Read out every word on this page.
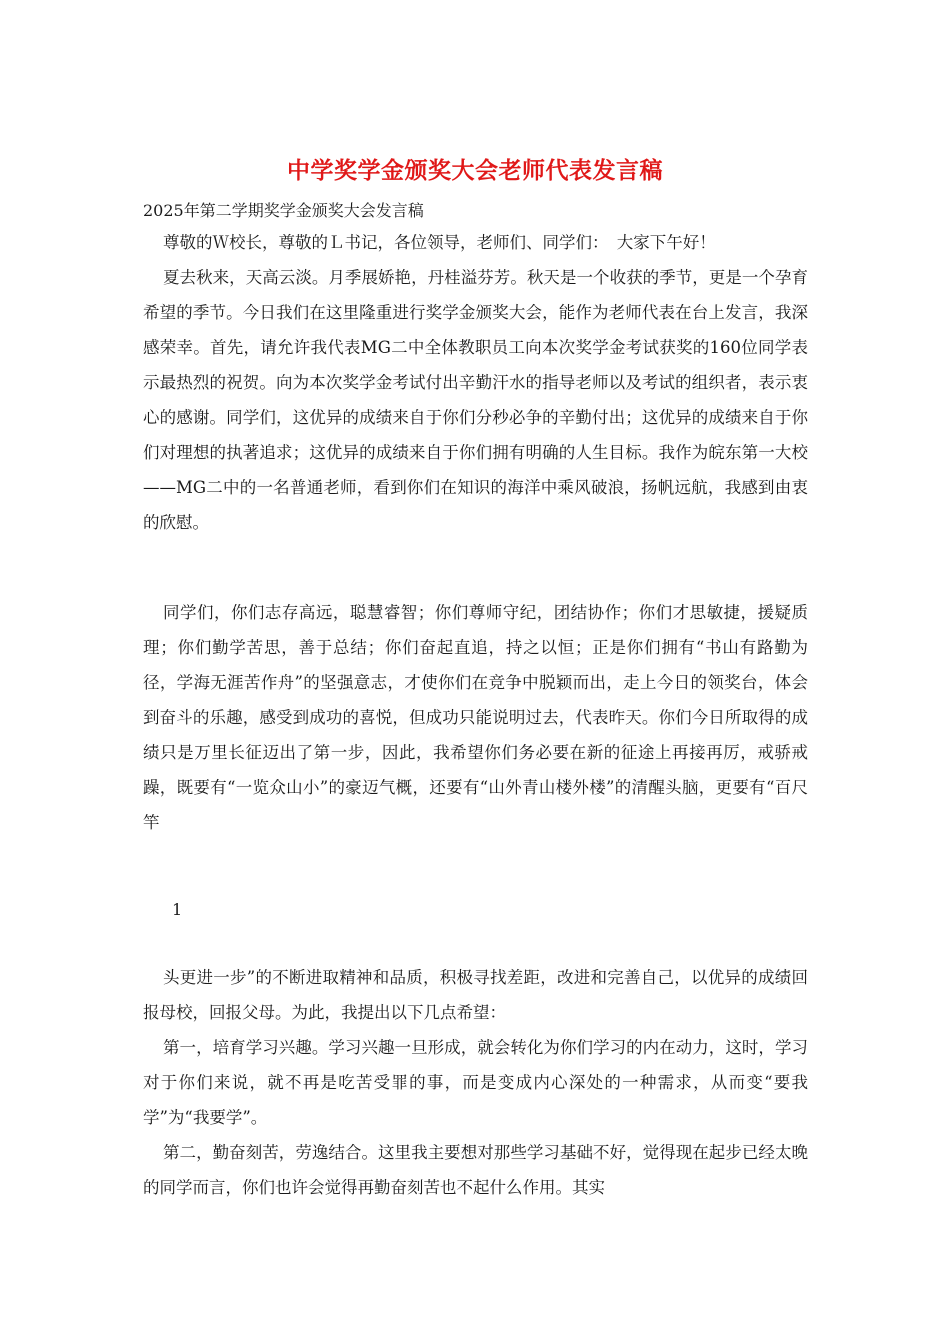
中学奖学金颁奖大会老师代表发言稿
2025年第二学期奖学金颁奖大会发言稿
尊敬的Ｗ校长，尊敬的Ｌ书记，各位领导，老师们、同学们：　大家下午好！

夏去秋来，天高云淡。月季展娇艳，丹桂溢芬芳。秋天是一个收获的季节，更是一个孕育希望的季节。今日我们在这里隆重进行奖学金颁奖大会，能作为老师代表在台上发言，我深感荣幸。首先，请允许我代表MG二中全体教职员工向本次奖学金考试获奖的160位同学表示最热烈的祝贺。向为本次奖学金考试付出辛勤汗水的指导老师以及考试的组织者，表示衷心的感谢。同学们，这优异的成绩来自于你们分秒必争的辛勤付出；这优异的成绩来自于你们对理想的执著追求；这优异的成绩来自于你们拥有明确的人生目标。我作为皖东第一大校——MG二中的一名普通老师，看到你们在知识的海洋中乘风破浪，扬帆远航，我感到由衷的欣慰。

同学们，你们志存高远，聪慧睿智；你们尊师守纪，团结协作；你们才思敏捷，援疑质理；你们勤学苦思，善于总结；你们奋起直追，持之以恒；正是你们拥有“书山有路勤为径，学海无涯苦作舟”的坚强意志，才使你们在竞争中脱颖而出，走上今日的领奖台，体会到奋斗的乐趣，感受到成功的喜悦，但成功只能说明过去，代表昨天。你们今日所取得的成绩只是万里长征迈出了第一步，因此，我希望你们务必要在新的征途上再接再厉，戒骄戒躁，既要有“一览众山小”的豪迈气概，还要有“山外青山楼外楼”的清醒头脑，更要有“百尺竿

1

头更进一步”的不断进取精神和品质，积极寻找差距，改进和完善自己，以优异的成绩回报母校，回报父母。为此，我提出以下几点希望：

第一，培育学习兴趣。学习兴趣一旦形成，就会转化为你们学习的内在动力，这时，学习对于你们来说，就不再是吃苦受罪的事，而是变成内心深处的一种需求，从而变“要我学”为“我要学”。

第二，勤奋刻苦，劳逸结合。这里我主要想对那些学习基础不好，觉得现在起步已经太晚的同学而言，你们也许会觉得再勤奋刻苦也不起什么作用。其实
